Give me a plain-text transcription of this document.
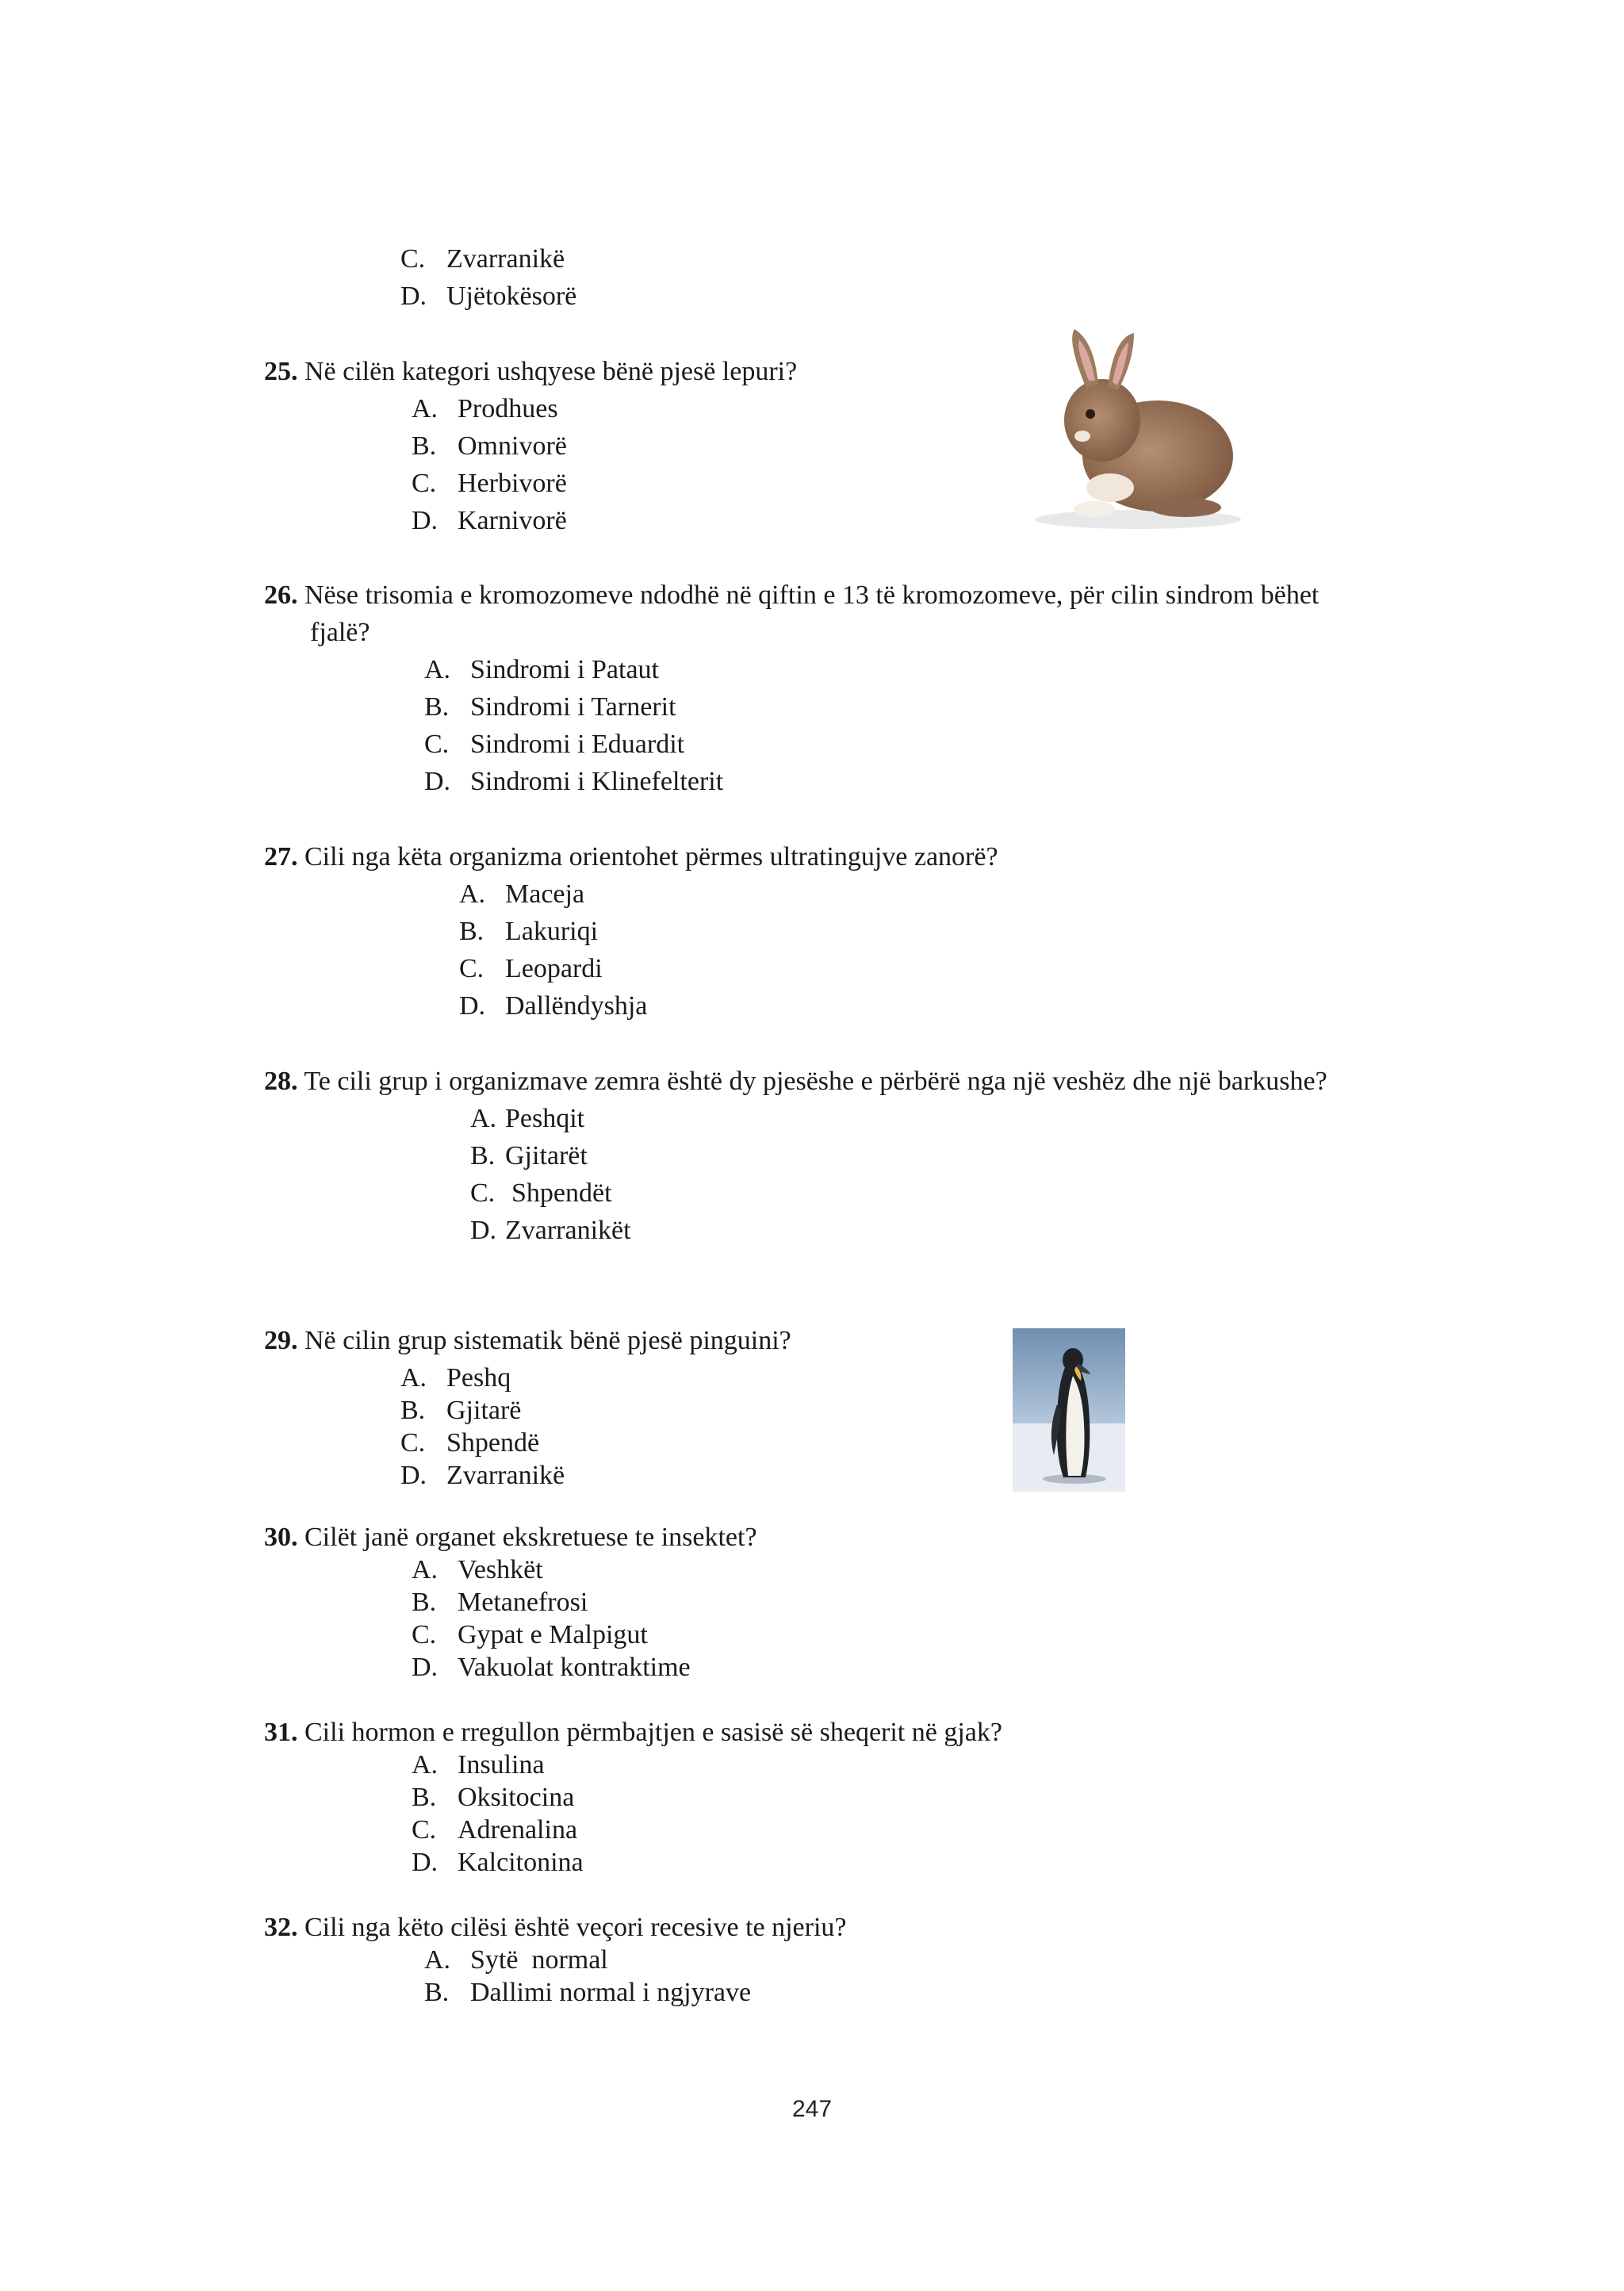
C. Zvarranikë
D. Ujëtokësorë
25. Në cilën kategori ushqyese bënë pjesë lepuri?
A. Prodhues
B. Omnivorë
C. Herbivorë
D. Karnivorë
26. Nëse trisomia e kromozomeve ndodhë në qiftin e 13 të kromozomeve, për cilin sindrom bëhet
fjalë?
A. Sindromi i Pataut
B. Sindromi i Tarnerit
C. Sindromi i Eduardit
D. Sindromi i Klinefelterit
27. Cili nga këta organizma orientohet përmes ultratingujve zanorë?
A. Maceja
B. Lakuriqi
C. Leopardi
D. Dallëndyshja
28. Te cili grup i organizmave zemra është dy pjesëshe e përbërë nga një veshëz dhe një barkushe?
A. Peshqit
B. Gjitarët
C. Shpendët
D. Zvarranikët
29. Në cilin grup sistematik bënë pjesë pinguini?
A. Peshq
B. Gjitarë
C. Shpendë
D. Zvarranikë
30. Cilët janë organet ekskretuese te insektet?
A. Veshkët
B. Metanefrosi
C. Gypat e Malpigut
D. Vakuolat kontraktime
31. Cili hormon e rregullon përmbajtjen e sasisë së sheqerit në gjak?
A. Insulina
B. Oksitocina
C. Adrenalina
D. Kalcitonina
32. Cili nga këto cilësi është veçori recesive te njeriu?
A. Sytë  normal
B. Dallimi normal i ngjyrave
247
